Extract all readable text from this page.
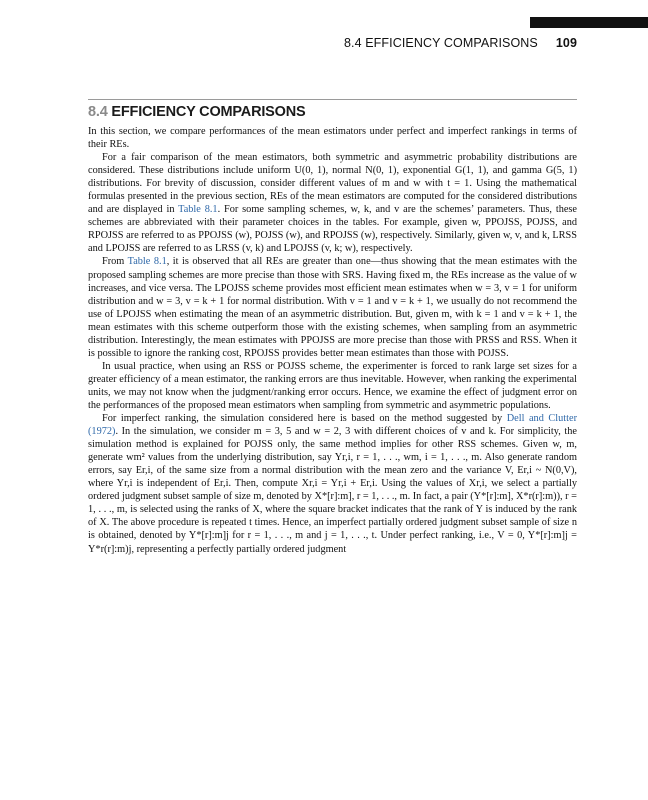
8.4 EFFICIENCY COMPARISONS 109
8.4 EFFICIENCY COMPARISONS

In this section, we compare performances of the mean estimators under perfect and imperfect rankings in terms of their REs.

For a fair comparison of the mean estimators, both symmetric and asymmetric probability distributions are considered. These distributions include uniform U(0, 1), normal N(0, 1), exponential G(1, 1), and gamma G(5, 1) distributions. For brevity of discussion, consider different values of m and w with t = 1. Using the mathematical formulas presented in the previous section, REs of the mean estimators are computed for the considered distributions and are displayed in Table 8.1. For some sampling schemes, w, k, and v are the schemes’ parameters. Thus, these schemes are abbreviated with their parameter choices in the tables. For example, given w, PPOJSS, POJSS, and RPOJSS are referred to as PPOJSS (w), POJSS (w), and RPOJSS (w), respectively. Similarly, given w, v, and k, LRSS and LPOJSS are referred to as LRSS (v, k) and LPOJSS (v, k; w), respectively.

From Table 8.1, it is observed that all REs are greater than one—thus showing that the mean estimates with the proposed sampling schemes are more precise than those with SRS. Having fixed m, the REs increase as the value of w increases, and vice versa. The LPOJSS scheme provides most efficient mean estimates when w = 3, v = 1 for uniform distribution and w = 3, v = k + 1 for normal distribution. With v = 1 and v = k + 1, we usually do not recommend the use of LPOJSS when estimating the mean of an asymmetric distribution. But, given m, with k = 1 and v = k + 1, the mean estimates with this scheme outperform those with the existing schemes, when sampling from an asymmetric distribution. Interestingly, the mean estimates with PPOJSS are more precise than those with PRSS and RSS. When it is possible to ignore the ranking cost, RPOJSS provides better mean estimates than those with POJSS.

In usual practice, when using an RSS or POJSS scheme, the experimenter is forced to rank large set sizes for a greater efficiency of a mean estimator, the ranking errors are thus inevitable. However, when ranking the experimental units, we may not know when the judgment/ranking error occurs. Hence, we examine the effect of judgment error on the performances of the proposed mean estimators when sampling from symmetric and asymmetric populations.

For imperfect ranking, the simulation considered here is based on the method suggested by Dell and Clutter (1972). In the simulation, we consider m = 3, 5 and w = 2, 3 with different choices of v and k. For simplicity, the simulation method is explained for POJSS only, the same method implies for other RSS schemes. Given w, m, generate wm² values from the underlying distribution, say Yr,i, r = 1, . . ., wm, i = 1, . . ., m. Also generate random errors, say Er,i, of the same size from a normal distribution with the mean zero and the variance V, Er,i ~ N(0,V), where Yr,i is independent of Er,i. Then, compute Xr,i = Yr,i + Er,i. Using the values of Xr,i, we select a partially ordered judgment subset sample of size m, denoted by X*[r]:m], r = 1, . . ., m. In fact, a pair (Y*[r]:m], X*r(r]:m)), r = 1, . . ., m, is selected using the ranks of X, where the square bracket indicates that the rank of Y is induced by the rank of X. The above procedure is repeated t times. Hence, an imperfect partially ordered judgment subset sample of size n is obtained, denoted by Y*[r]:m]j for r = 1, . . ., m and j = 1, . . ., t. Under perfect ranking, i.e., V = 0, Y*[r]:m]j = Y*r(r]:m)j, representing a perfectly partially ordered judgment
